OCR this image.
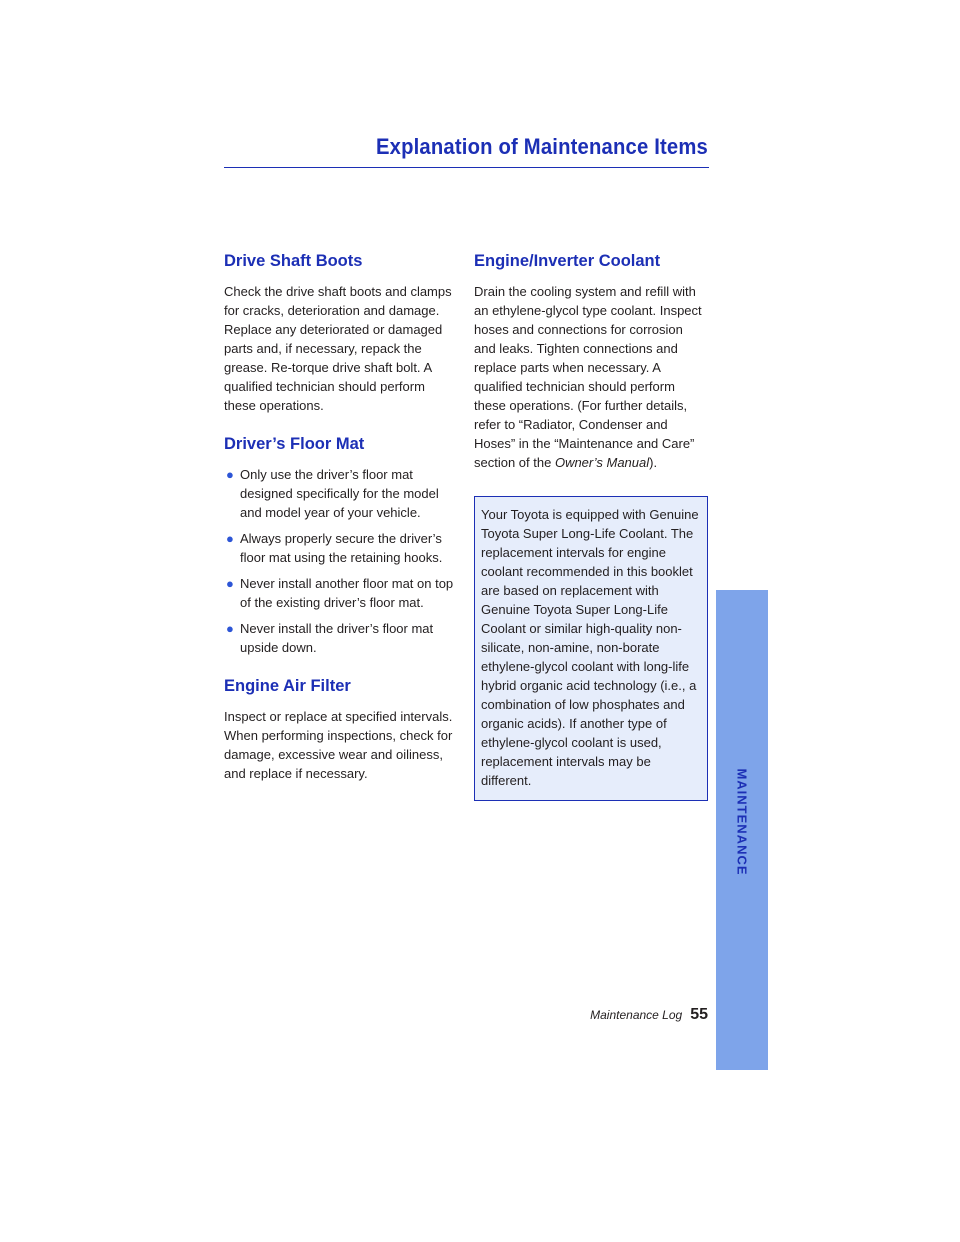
Explanation of Maintenance Items
Drive Shaft Boots

Check the drive shaft boots and clamps for cracks, deterioration and damage. Replace any deteriorated or damaged parts and, if necessary, repack the grease. Re-torque drive shaft bolt. A qualified technician should perform these operations.

Driver’s Floor Mat
● Only use the driver’s floor mat designed specifically for the model and model year of your vehicle.
● Always properly secure the driver’s floor mat using the retaining hooks.
● Never install another floor mat on top of the existing driver’s floor mat.
● Never install the driver’s floor mat upside down.
Engine Air Filter

Inspect or replace at specified intervals. When performing inspections, check for damage, excessive wear and oiliness, and replace if necessary.

Engine/Inverter Coolant

Drain the cooling system and refill with an ethylene-glycol type coolant. Inspect hoses and connections for corrosion and leaks. Tighten connections and replace parts when necessary. A qualified technician should perform these operations. (For further details, refer to “Radiator, Condenser and Hoses” in the “Maintenance and Care” section of the Owner’s Manual).

Your Toyota is equipped with Genuine Toyota Super Long-Life Coolant. The replacement intervals for engine coolant recommended in this booklet are based on replacement with Genuine Toyota Super Long-Life Coolant or similar high-quality non-silicate, non-amine, non-borate ethylene-glycol coolant with long-life hybrid organic acid technology (i.e., a combination of low phosphates and organic acids). If another type of ethylene-glycol coolant is used, replacement intervals may be different.

Maintenance Log 55
MAINTENANCE
